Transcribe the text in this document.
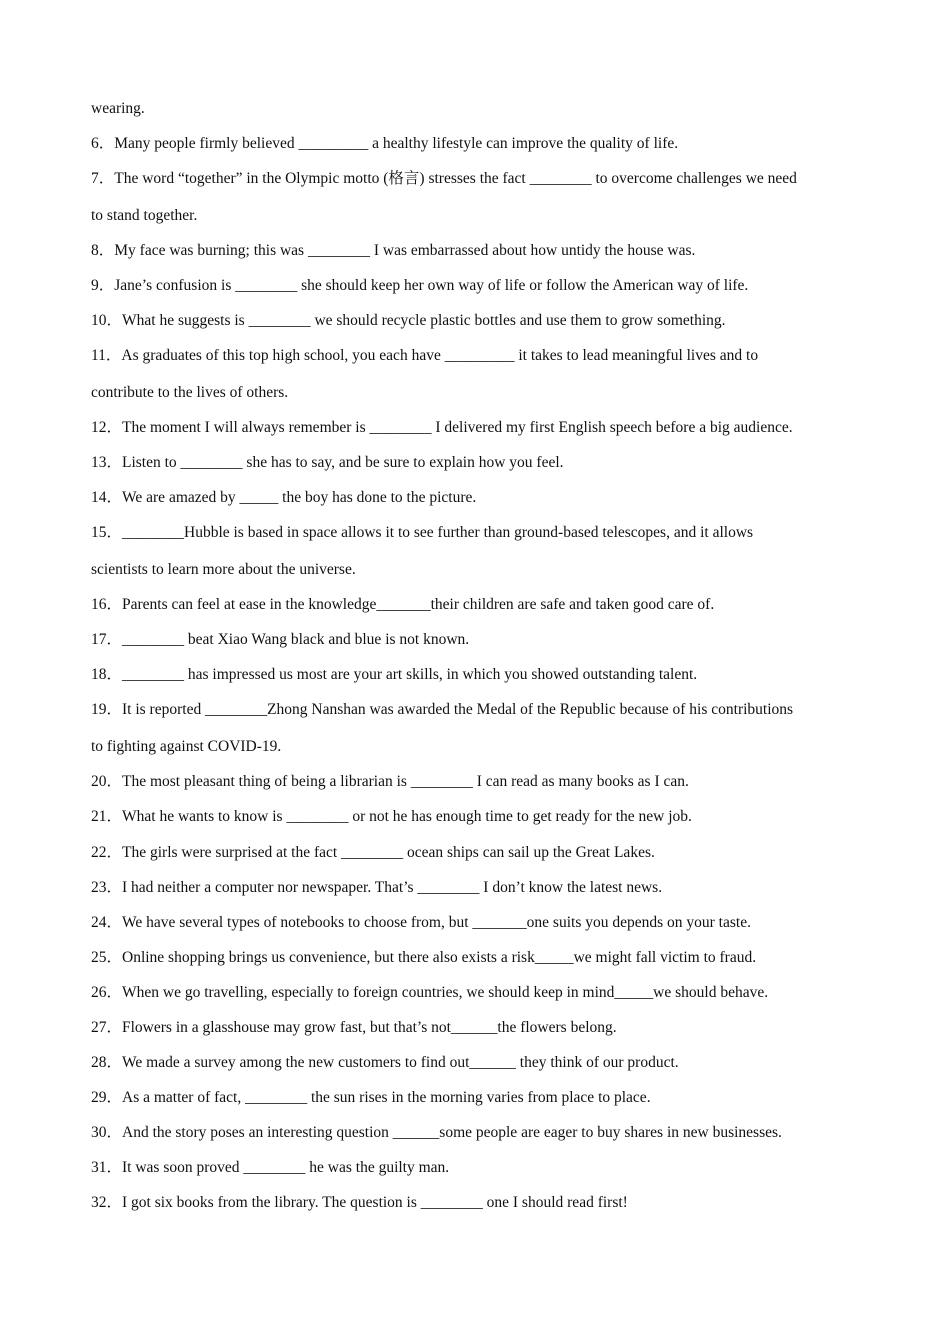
wearing.
6．Many people firmly believed _________ a healthy lifestyle can improve the quality of life.
7．The word “together” in the Olympic motto (格言) stresses the fact ________ to overcome challenges we need
to stand together.
8．My face was burning; this was ________ I was embarrassed about how untidy the house was.
9．Jane’s confusion is ________ she should keep her own way of life or follow the American way of life.
10．What he suggests is ________ we should recycle plastic bottles and use them to grow something.
11．As graduates of this top high school, you each have _________ it takes to lead meaningful lives and to
contribute to the lives of others.
12．The moment I will always remember is ________ I delivered my first English speech before a big audience.
13．Listen to ________ she has to say, and be sure to explain how you feel.
14．We are amazed by _____ the boy has done to the picture.
15．________Hubble is based in space allows it to see further than ground-based telescopes, and it allows
scientists to learn more about the universe.
16．Parents can feel at ease in the knowledge_______their children are safe and taken good care of.
17．________ beat Xiao Wang black and blue is not known.
18．________ has impressed us most are your art skills, in which you showed outstanding talent.
19．It is reported ________Zhong Nanshan was awarded the Medal of the Republic because of his contributions
to fighting against COVID-19.
20．The most pleasant thing of being a librarian is ________ I can read as many books as I can.
21．What he wants to know is ________ or not he has enough time to get ready for the new job.
22．The girls were surprised at the fact ________ ocean ships can sail up the Great Lakes.
23．I had neither a computer nor newspaper. That’s ________ I don’t know the latest news.
24．We have several types of notebooks to choose from, but _______one suits you depends on your taste.
25．Online shopping brings us convenience, but there also exists a risk_____we might fall victim to fraud.
26．When we go travelling, especially to foreign countries, we should keep in mind_____we should behave.
27．Flowers in a glasshouse may grow fast, but that’s not______the flowers belong.
28．We made a survey among the new customers to find out______ they think of our product.
29．As a matter of fact, ________ the sun rises in the morning varies from place to place.
30．And the story poses an interesting question ______some people are eager to buy shares in new businesses.
31．It was soon proved ________ he was the guilty man.
32．I got six books from the library. The question is ________ one I should read first!
